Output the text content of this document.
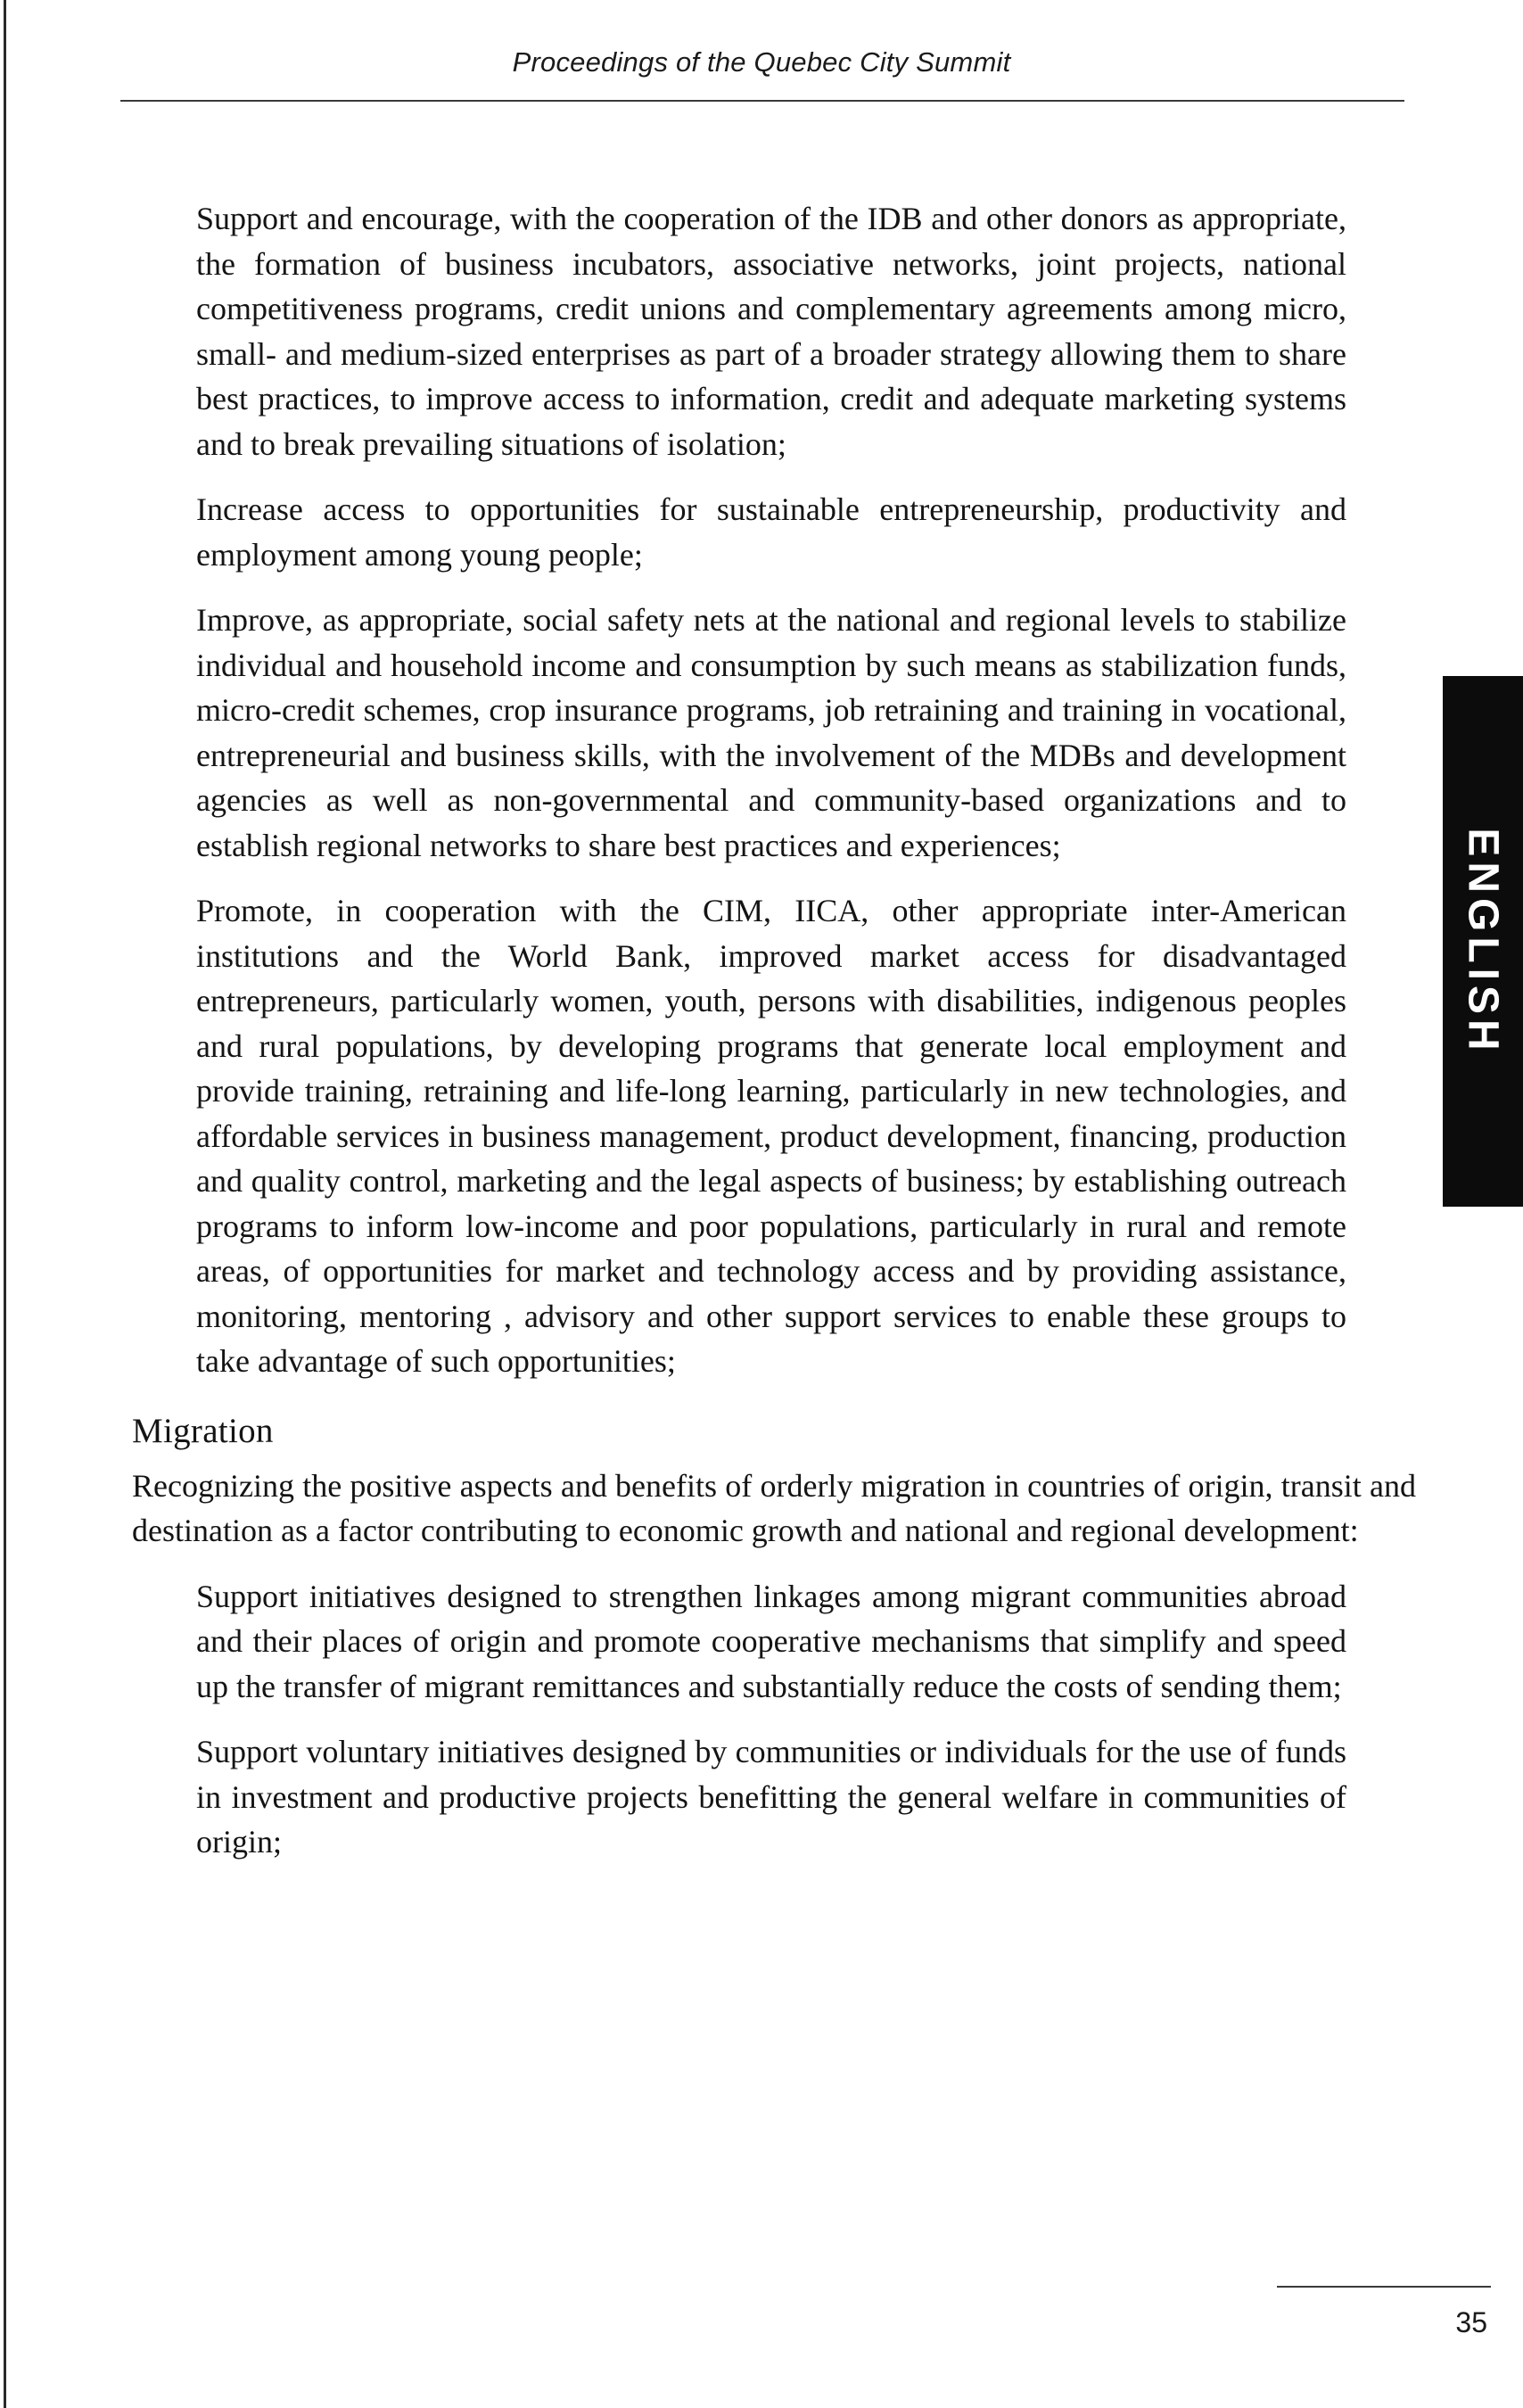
Proceedings of the Quebec City Summit

Support and encourage, with the cooperation of the IDB and other donors as appropriate, the formation of business incubators, associative networks, joint projects, national competitiveness programs, credit unions and complementary agreements among micro, small- and medium-sized enterprises as part of a broader strategy allowing them to share best practices, to improve access to information, credit and adequate marketing systems and to break prevailing situations of isolation;

Increase access to opportunities for sustainable entrepreneurship, productivity and employment among young people;

Improve, as appropriate, social safety nets at the national and regional levels to stabilize individual and household income and consumption by such means as stabilization funds, micro-credit schemes, crop insurance programs, job retraining and training in vocational, entrepreneurial and business skills, with the involvement of the MDBs and development agencies as well as non-governmental and community-based organizations and to establish regional networks to share best practices and experiences;

Promote, in cooperation with the CIM, IICA, other appropriate inter-American institutions and the World Bank, improved market access for disadvantaged entrepreneurs, particularly women, youth, persons with disabilities, indigenous peoples and rural populations, by developing programs that generate local employment and provide training, retraining and life-long learning, particularly in new technologies, and affordable services in business management, product development, financing, production and quality control, marketing and the legal aspects of business; by establishing outreach programs to inform low-income and poor populations, particularly in rural and remote areas, of opportunities for market and technology access and by providing assistance, monitoring, mentoring , advisory and other support services to enable these groups to take advantage of such opportunities;

Migration

Recognizing the positive aspects and benefits of orderly migration in countries of origin, transit and destination as a factor contributing to economic growth and national and regional development:

Support initiatives designed to strengthen linkages among migrant communities abroad and their places of origin and promote cooperative mechanisms that simplify and speed up the transfer of migrant remittances and substantially reduce the costs of sending them;

Support voluntary initiatives designed by communities or individuals for the use of funds in investment and productive projects benefitting the general welfare in communities of origin;

ENGLISH
35
